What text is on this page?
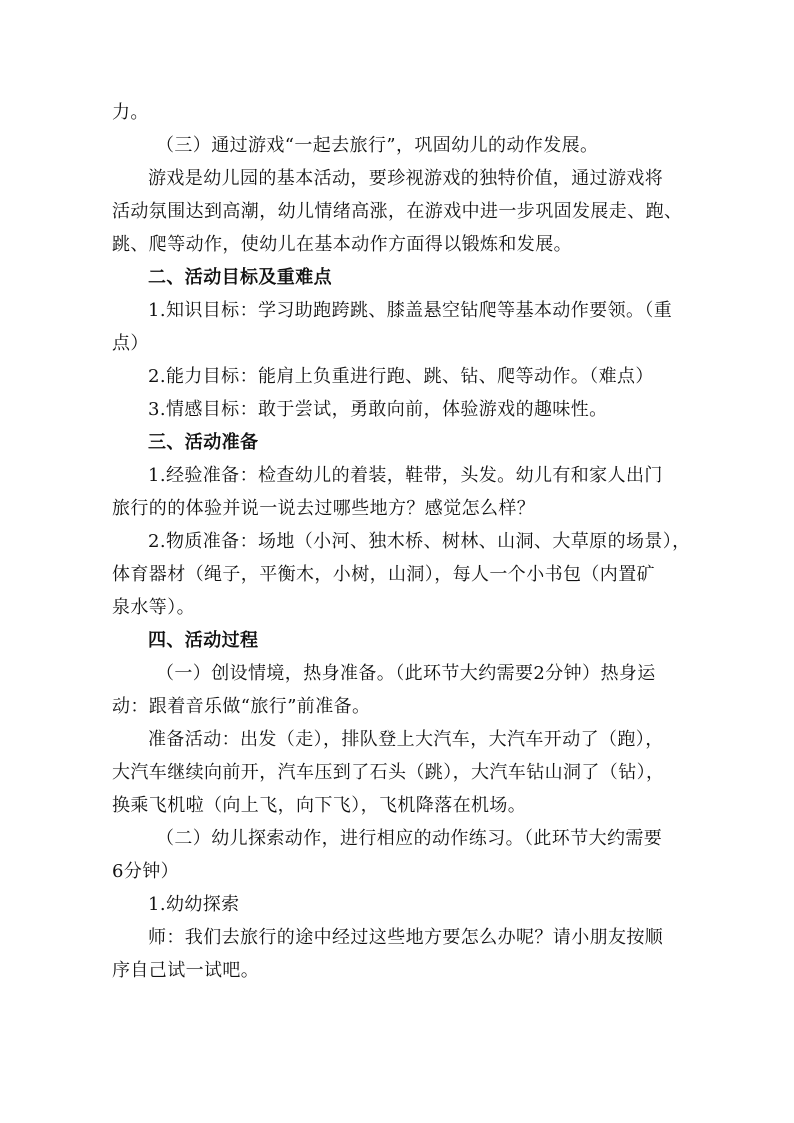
力。
（三）通过游戏“一起去旅行”，巩固幼儿的动作发展。
游戏是幼儿园的基本活动，要珍视游戏的独特价值，通过游戏将
活动氛围达到高潮，幼儿情绪高涨，在游戏中进一步巩固发展走、跑、
跳、爬等动作，使幼儿在基本动作方面得以锻炼和发展。
二、活动目标及重难点
1.知识目标：学习助跑跨跳、膝盖悬空钻爬等基本动作要领。（重
点）
2.能力目标：能肩上负重进行跑、跳、钻、爬等动作。（难点）
3.情感目标：敢于尝试，勇敢向前，体验游戏的趣味性。
三、活动准备
1.经验准备：检查幼儿的着装，鞋带，头发。幼儿有和家人出门
旅行的的体验并说一说去过哪些地方？感觉怎么样？
2.物质准备：场地（小河、独木桥、树林、山洞、大草原的场景），
体育器材（绳子，平衡木，小树，山洞），每人一个小书包（内置矿
泉水等）。
四、活动过程
（一）创设情境，热身准备。（此环节大约需要2分钟）热身运
动：跟着音乐做“旅行”前准备。
准备活动：出发（走），排队登上大汽车，大汽车开动了（跑），
大汽车继续向前开，汽车压到了石头（跳），大汽车钻山洞了（钻），
换乘飞机啦（向上飞，向下飞），飞机降落在机场。
（二）幼儿探索动作，进行相应的动作练习。（此环节大约需要
6分钟）
1.幼幼探索
师：我们去旅行的途中经过这些地方要怎么办呢？请小朋友按顺
序自己试一试吧。
